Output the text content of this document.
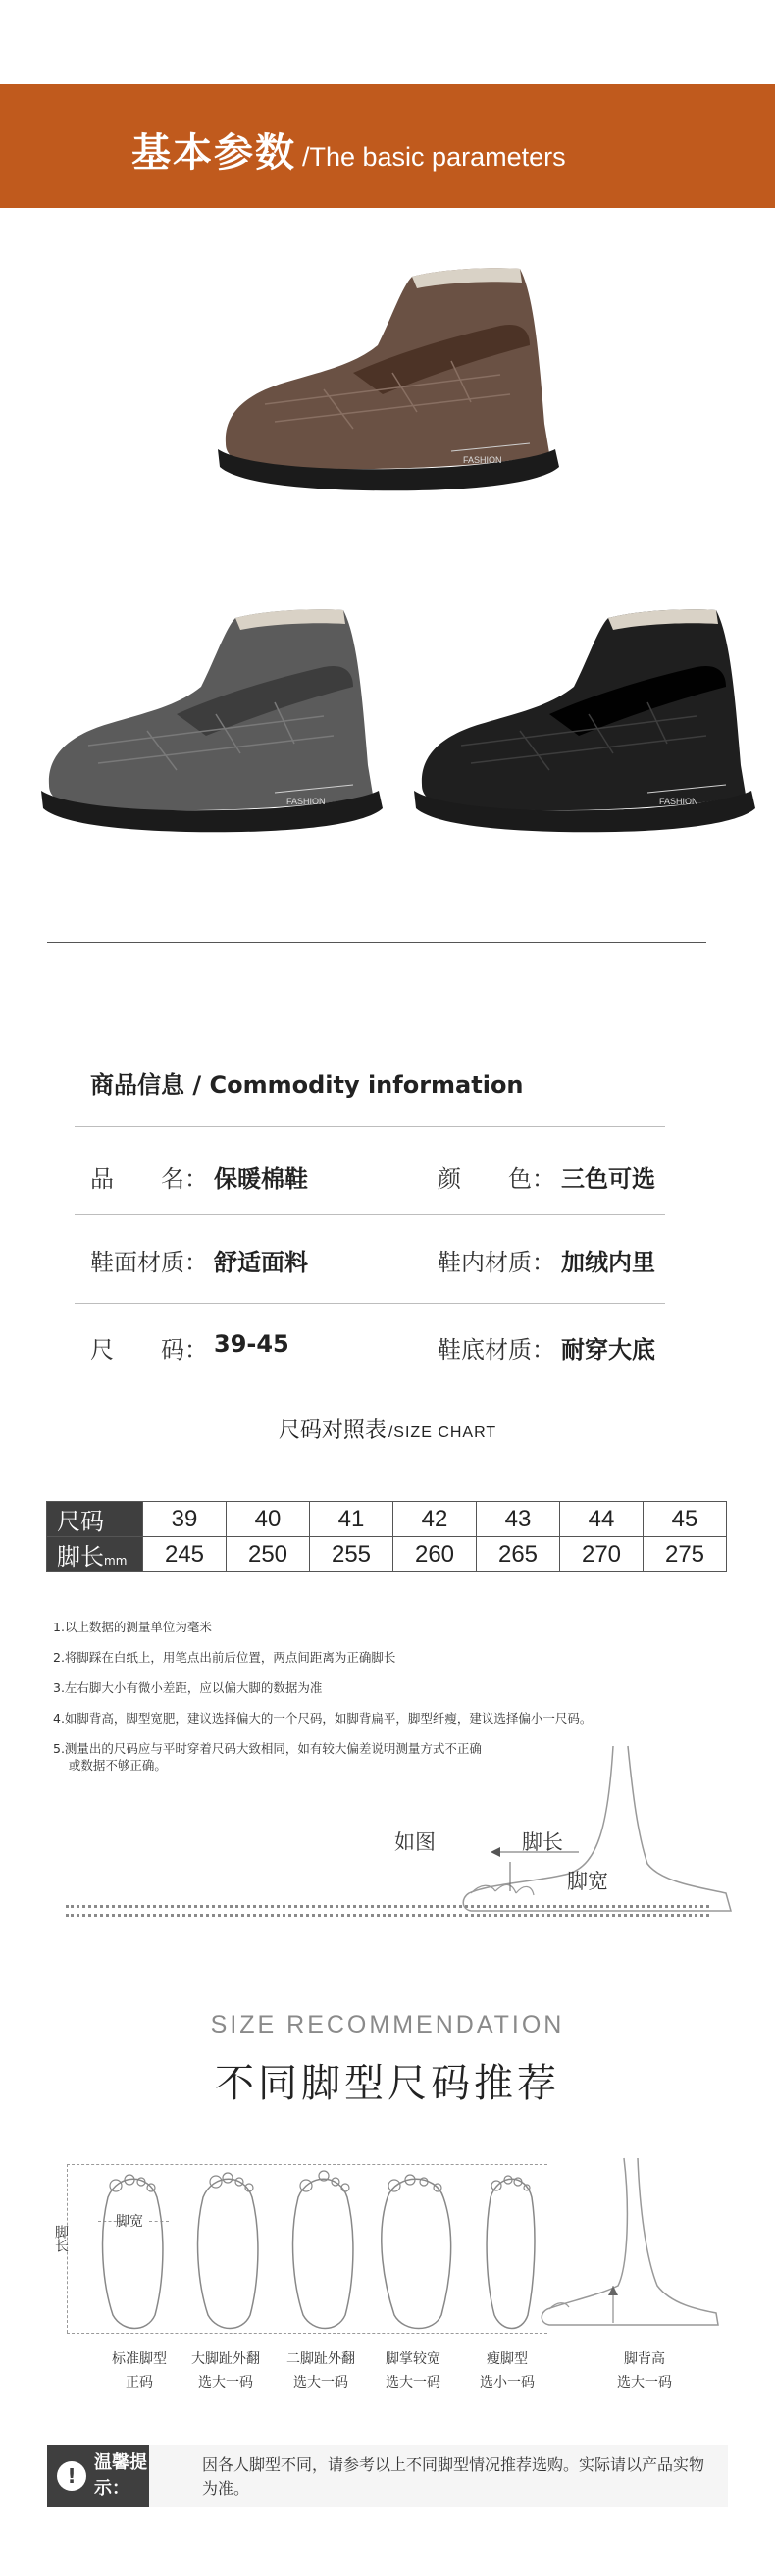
基本参数 /The basic parameters
FASHION
FASHION	FASHION
商品信息 / Commodity information
品　　名： 保暖棉鞋	颜　　色： 三色可选
鞋面材质： 舒适面料	鞋内材质： 加绒内里
尺　　码： 39-45	鞋底材质： 耐穿大底
尺码对照表 /SIZE CHART
尺码	39	40	41	42	43	44	45
脚长mm	245	250	255	260	265	270	275
1.以上数据的测量单位为毫米
2.将脚踩在白纸上，用笔点出前后位置，两点间距离为正确脚长
3.左右脚大小有微小差距，应以偏大脚的数据为准
4.如脚背高，脚型宽肥，建议选择偏大的一个尺码，如脚背扁平，脚型纤瘦，建议选择偏小一尺码。
5.测量出的尺码应与平时穿着尺码大致相同，如有较大偏差说明测量方式不正确
或数据不够正确。
如图	脚长
脚宽
SIZE RECOMMENDATION
不同脚型尺码推荐
脚长
脚宽
标准脚型
正码
大脚趾外翻
选大一码
二脚趾外翻
选大一码
脚掌较宽
选大一码
瘦脚型
选小一码
脚背高
选大一码
!
温馨提示：
因各人脚型不同，请参考以上不同脚型情况推荐选购。实际请以产品实物为准。
